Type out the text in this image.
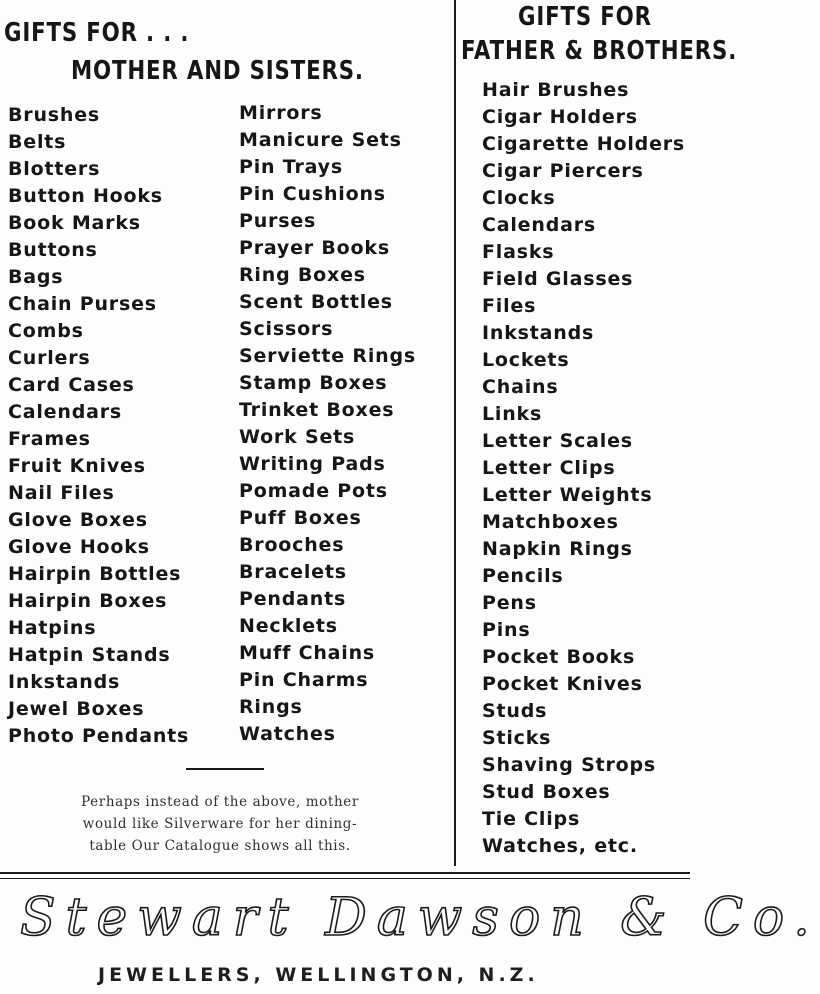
GIFTS FOR . . .
MOTHER AND SISTERS.
Brushes
Belts
Blotters
Button Hooks
Book Marks
Buttons
Bags
Chain Purses
Combs
Curlers
Card Cases
Calendars
Frames
Fruit Knives
Nail Files
Glove Boxes
Glove Hooks
Hairpin Bottles
Hairpin Boxes
Hatpins
Hatpin Stands
Inkstands
Jewel Boxes
Photo Pendants
Mirrors
Manicure Sets
Pin Trays
Pin Cushions
Purses
Prayer Books
Ring Boxes
Scent Bottles
Scissors
Serviette Rings
Stamp Boxes
Trinket Boxes
Work Sets
Writing Pads
Pomade Pots
Puff Boxes
Brooches
Bracelets
Pendants
Necklets
Muff Chains
Pin Charms
Rings
Watches
Perhaps instead of the above, mother
would like Silverware for her dining-
table Our Catalogue shows all this.
GIFTS FOR
FATHER & BROTHERS.
Hair Brushes
Cigar Holders
Cigarette Holders
Cigar Piercers
Clocks
Calendars
Flasks
Field Glasses
Files
Inkstands
Lockets
Chains
Links
Letter Scales
Letter Clips
Letter Weights
Matchboxes
Napkin Rings
Pencils
Pens
Pins
Pocket Books
Pocket Knives
Studs
Sticks
Shaving Strops
Stud Boxes
Tie Clips
Watches, etc.
Stewart Dawson & Co.
JEWELLERS, WELLINGTON, N.Z.
